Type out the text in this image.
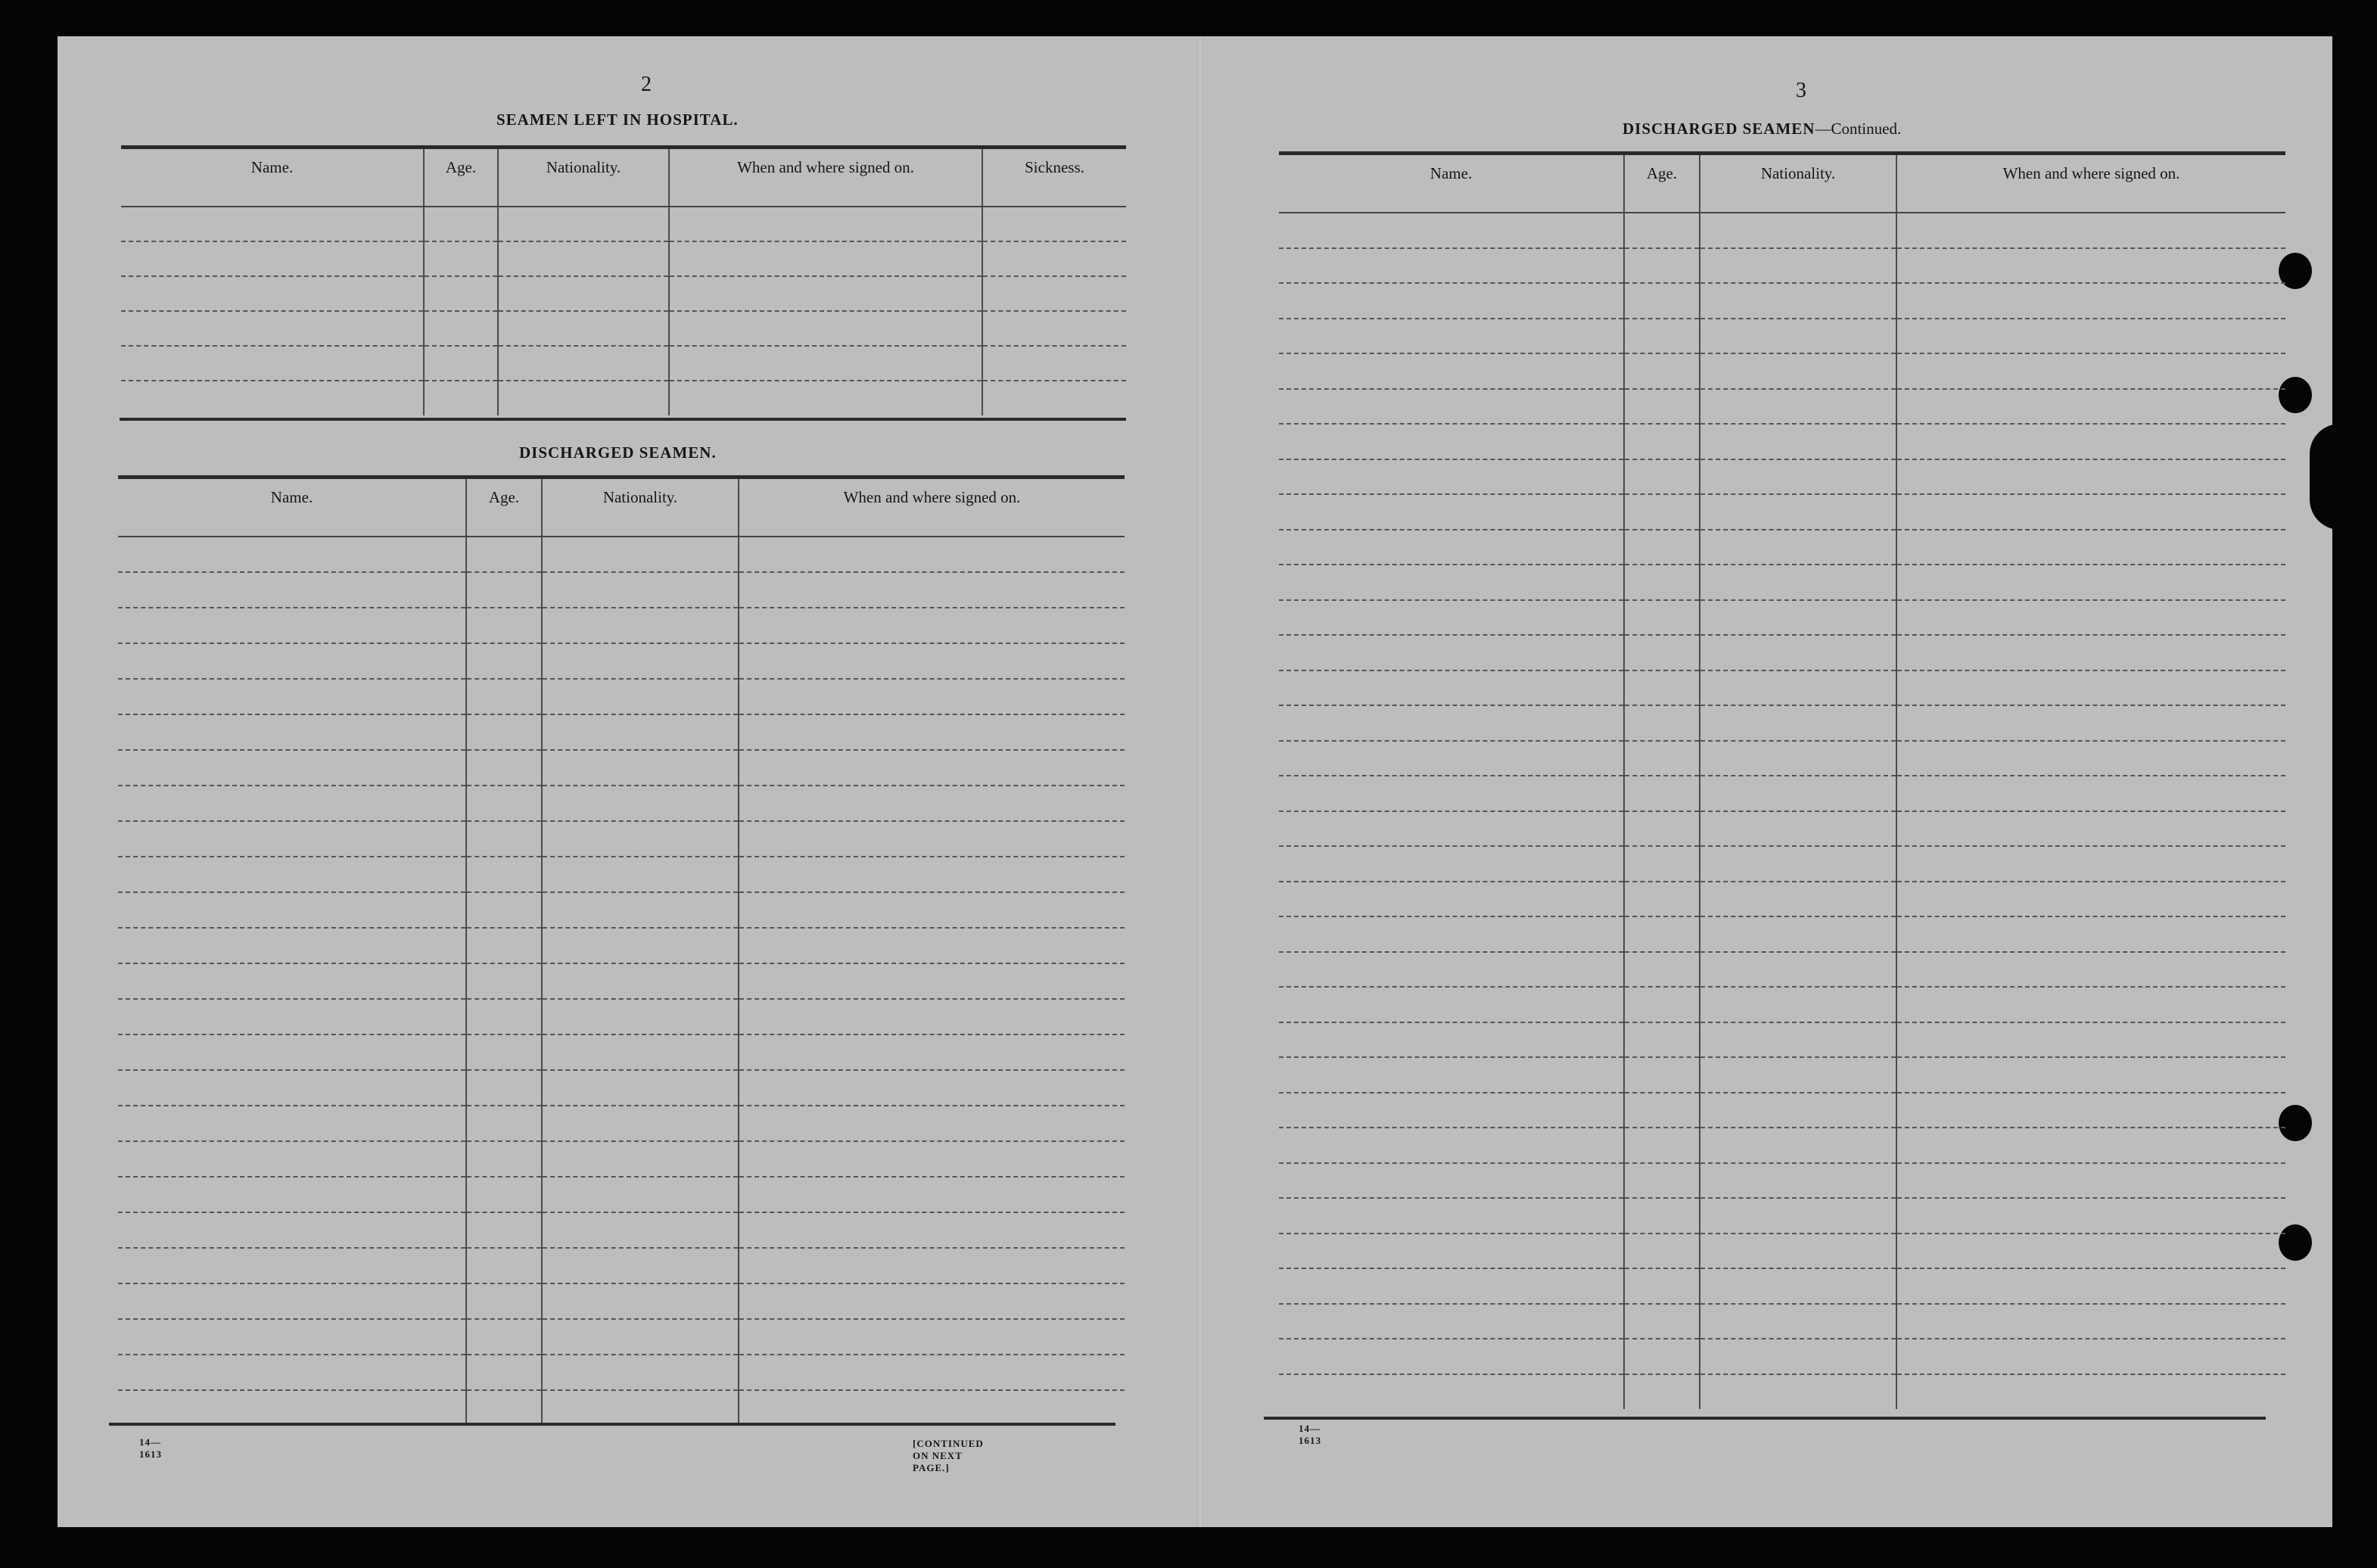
2
SEAMEN LEFT IN HOSPITAL.
Name.	Age.	Nationality.	When and where signed on.	Sickness.

DISCHARGED SEAMEN.
Name.	Age.	Nationality.	When and where signed on.

14—1613
[CONTINUED ON NEXT PAGE.]
3
DISCHARGED SEAMEN—Continued.
Name.	Age.	Nationality.	When and where signed on.

14—1613
